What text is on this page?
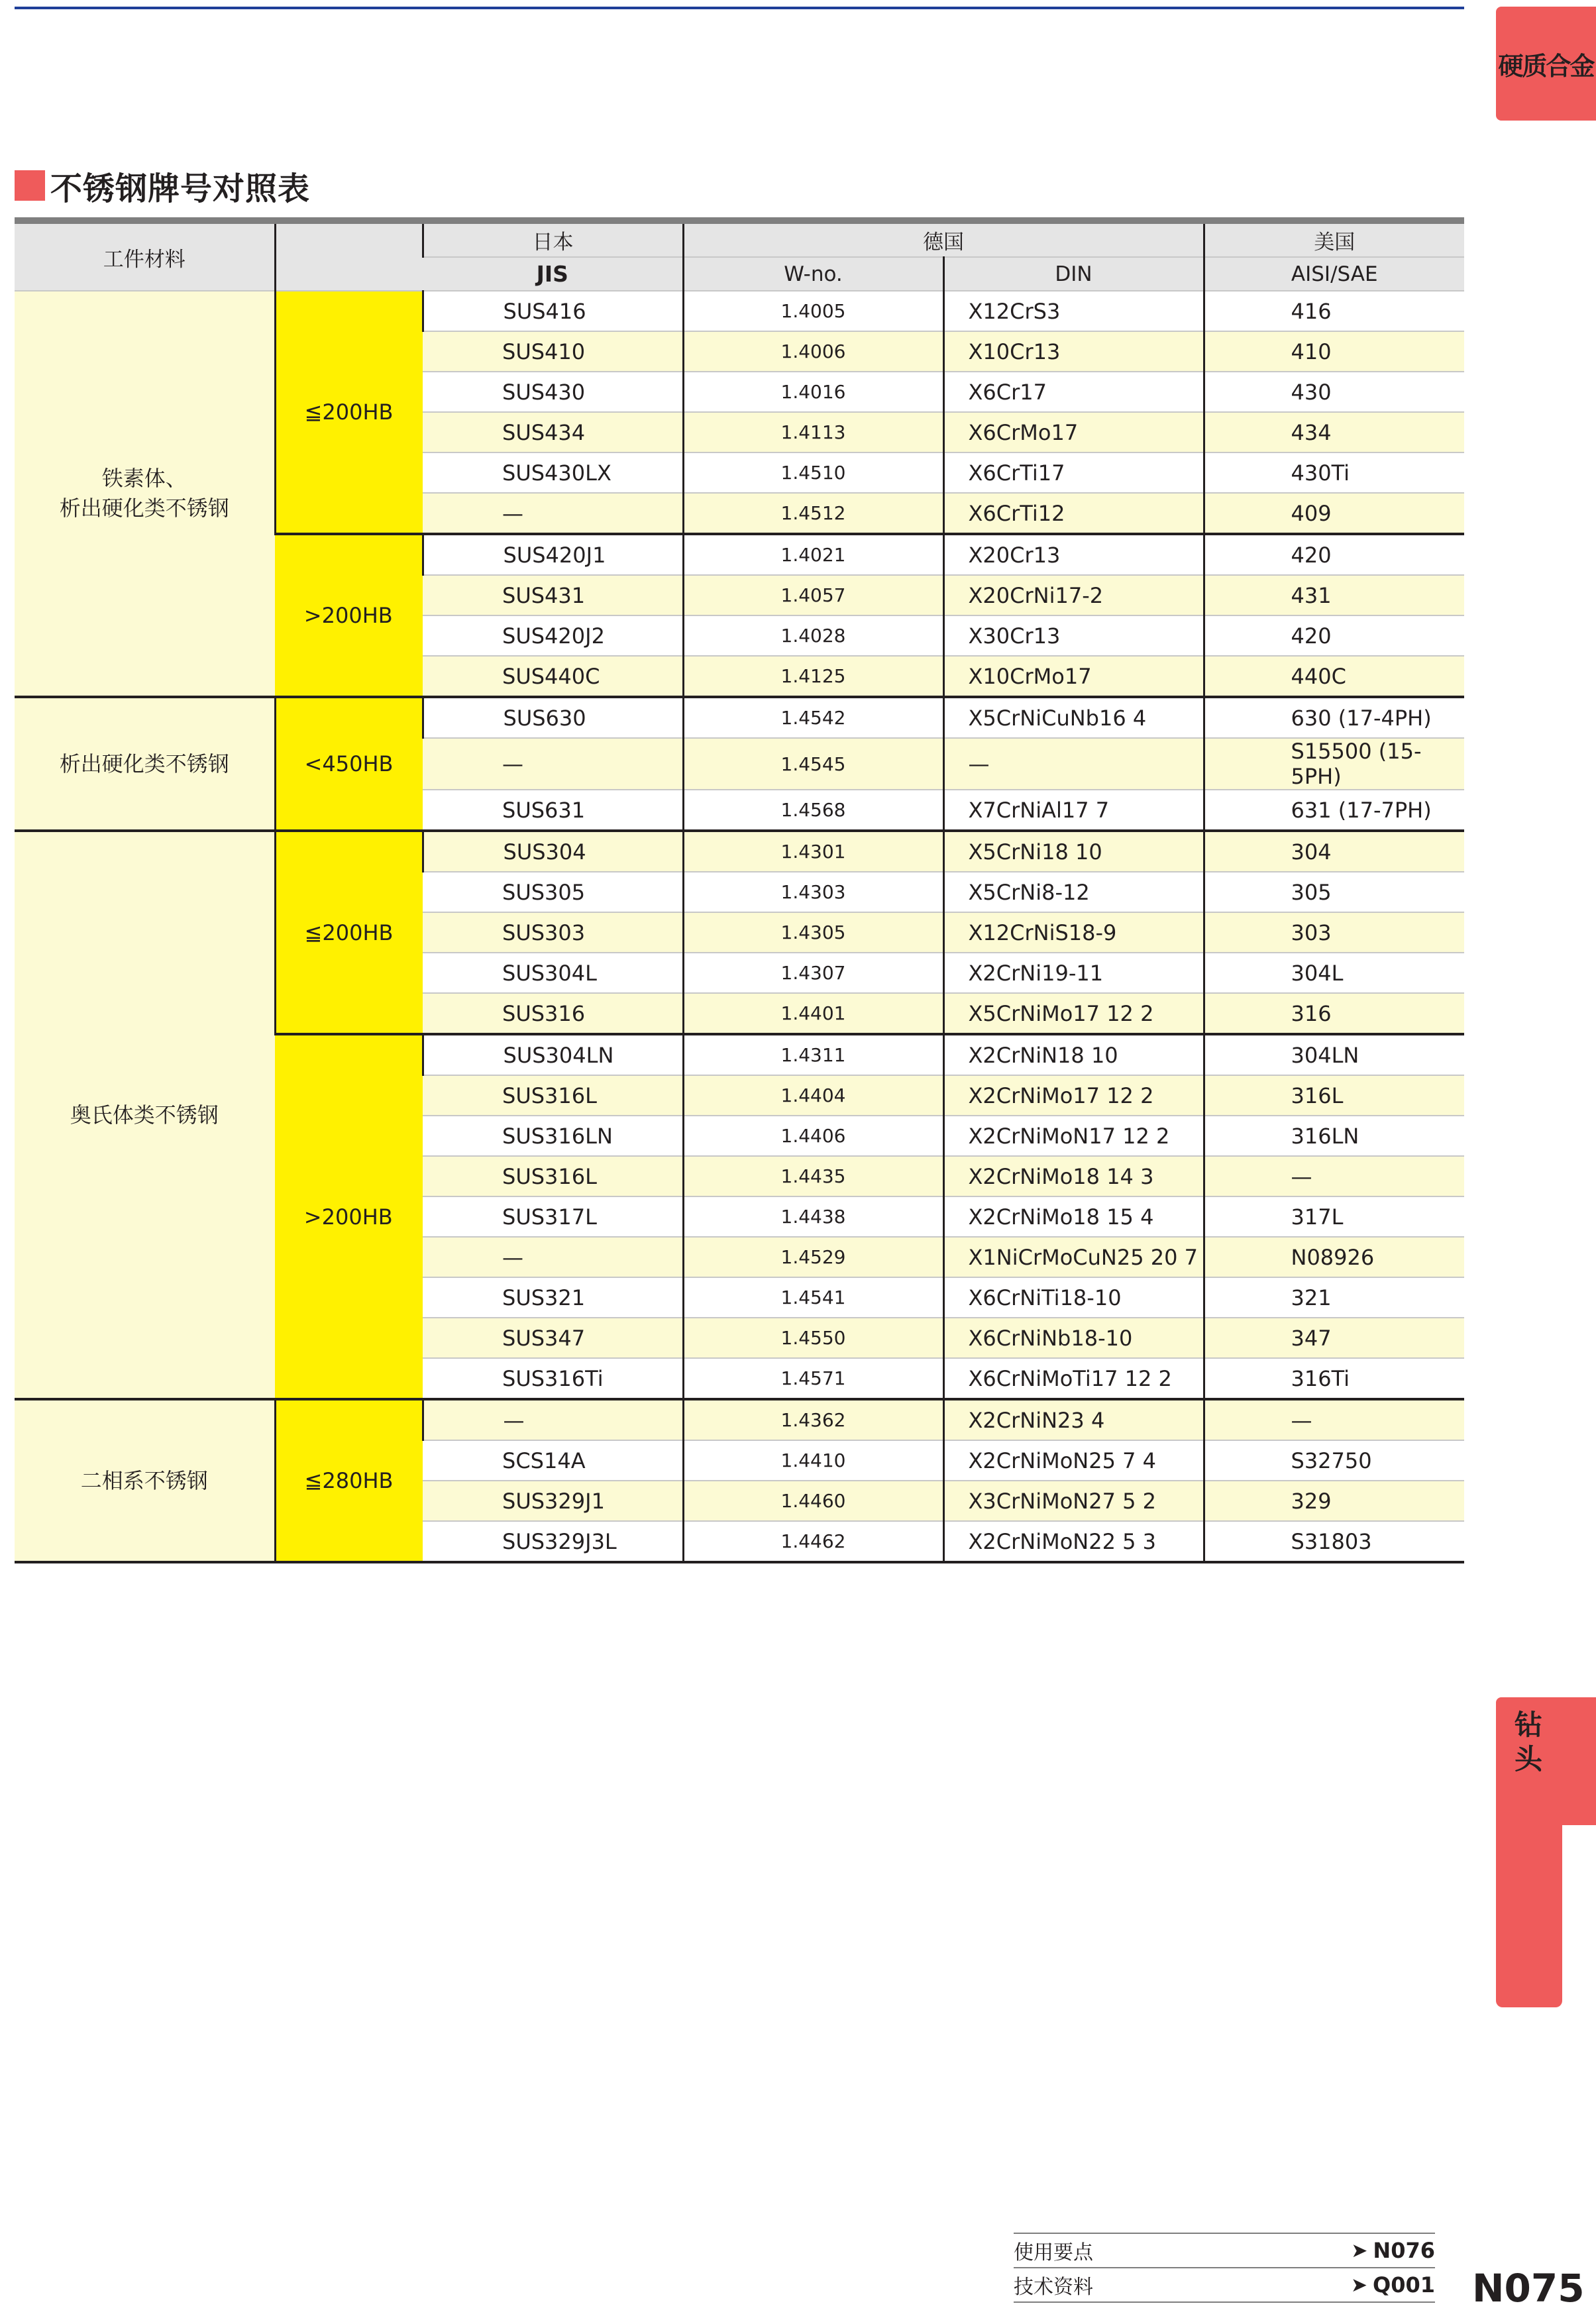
硬质合金
钻头
不锈钢牌号对照表
工件材料		日本	德国		美国
		JIS	W-no.	DIN	AISI/SAE

铁素体、
析出硬化类不锈钢	≦200HB	SUS416	1.4005	X12CrS3	416
		SUS410	1.4006	X10Cr13	410
		SUS430	1.4016	X6Cr17	430
		SUS434	1.4113	X6CrMo17	434
		SUS430LX	1.4510	X6CrTi17	430Ti
		—	1.4512	X6CrTi12	409
	>200HB	SUS420J1	1.4021	X20Cr13	420
		SUS431	1.4057	X20CrNi17-2	431
		SUS420J2	1.4028	X30Cr13	420
		SUS440C	1.4125	X10CrMo17	440C

析出硬化类不锈钢	<450HB	SUS630	1.4542	X5CrNiCuNb16 4	630 (17-4PH)
		—	1.4545	—	S15500 (15-5PH)
		SUS631	1.4568	X7CrNiAl17 7	631 (17-7PH)

奥氏体类不锈钢	≦200HB	SUS304	1.4301	X5CrNi18 10	304
		SUS305	1.4303	X5CrNi8-12	305
		SUS303	1.4305	X12CrNiS18-9	303
		SUS304L	1.4307	X2CrNi19-11	304L
		SUS316	1.4401	X5CrNiMo17 12 2	316
	>200HB	SUS304LN	1.4311	X2CrNiN18 10	304LN
		SUS316L	1.4404	X2CrNiMo17 12 2	316L
		SUS316LN	1.4406	X2CrNiMoN17 12 2	316LN
		SUS316L	1.4435	X2CrNiMo18 14 3	—
		SUS317L	1.4438	X2CrNiMo18 15 4	317L
		—	1.4529	X1NiCrMoCuN25 20 7	N08926
		SUS321	1.4541	X6CrNiTi18-10	321
		SUS347	1.4550	X6CrNiNb18-10	347
		SUS316Ti	1.4571	X6CrNiMoTi17 12 2	316Ti

二相系不锈钢	≦280HB	—	1.4362	X2CrNiN23 4	—
		SCS14A	1.4410	X2CrNiMoN25 7 4	S32750
		SUS329J1	1.4460	X3CrNiMoN27 5 2	329
		SUS329J3L	1.4462	X2CrNiMoN22 5 3	S31803
使用要点	➤ N076
技术资料	➤ Q001 N075
